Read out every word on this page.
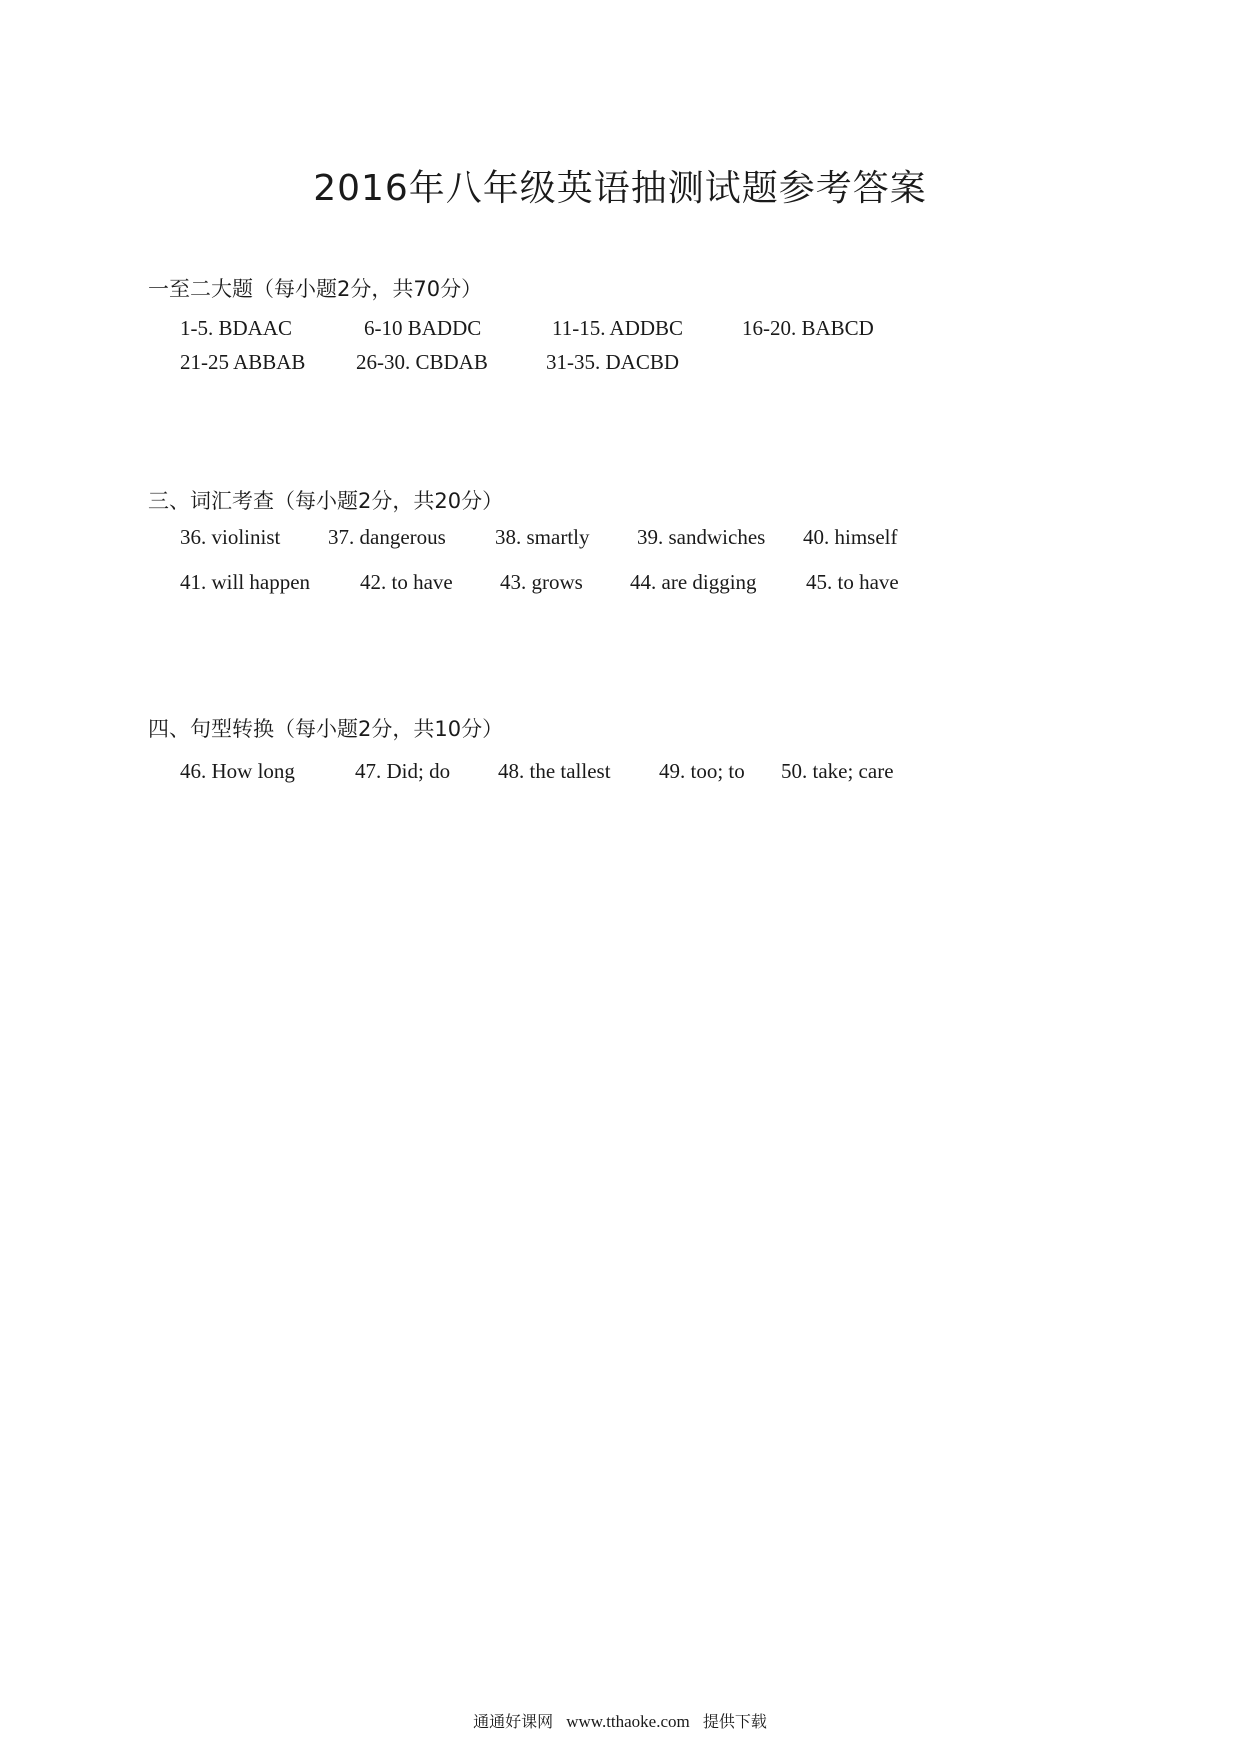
2016年八年级英语抽测试题参考答案
一至二大题（每小题2分，共70分）
1-5. BDAAC	6-10 BADDC	11-15. ADDBC	16-20. BABCD
21-25 ABBAB 26-30. CBDAB	31-35. DACBD
三、词汇考查（每小题2分，共20分）
36. violinist 37. dangerous 38. smartly 39. sandwiches 40. himself
41. will happen 42. to have 43. grows 44. are digging 45. to have
四、句型转换（每小题2分，共10分）
46. How long	47. Did; do 48. the tallest 49. too; to 50. take; care
通通好课网 www.tthaoke.com 提供下载
